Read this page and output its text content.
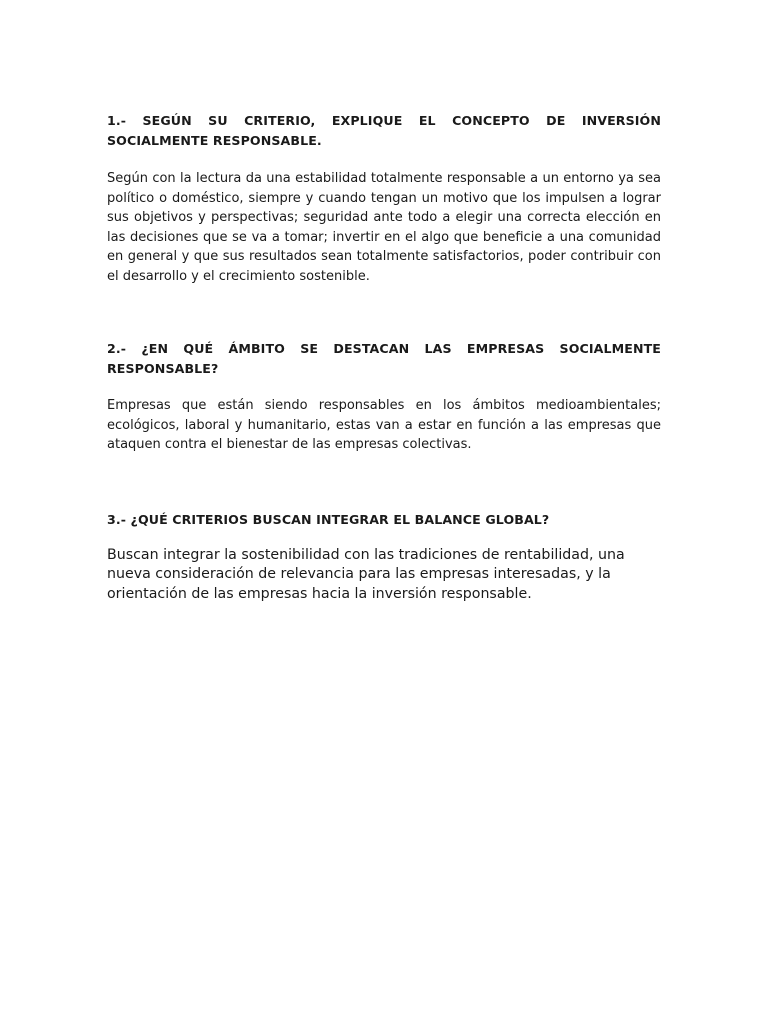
1.- SEGÚN SU CRITERIO, EXPLIQUE EL CONCEPTO DE INVERSIÓN SOCIALMENTE RESPONSABLE.

Según con la lectura da una estabilidad totalmente responsable a un entorno ya sea político o doméstico, siempre y cuando tengan un motivo que los impulsen a lograr sus objetivos y perspectivas; seguridad ante todo a elegir una correcta elección en las decisiones que se va a tomar; invertir en el algo que beneficie a una comunidad en general y que sus resultados sean totalmente satisfactorios, poder contribuir con el desarrollo y el crecimiento sostenible.

2.- ¿EN QUÉ ÁMBITO SE DESTACAN LAS EMPRESAS SOCIALMENTE RESPONSABLE?

Empresas que están siendo responsables en los ámbitos medioambientales; ecológicos, laboral y humanitario, estas van a estar en función a las empresas que ataquen contra el bienestar de las empresas colectivas.

3.- ¿QUÉ CRITERIOS BUSCAN INTEGRAR EL BALANCE GLOBAL?

Buscan integrar la sostenibilidad con las tradiciones de rentabilidad, una nueva consideración de relevancia para las empresas interesadas, y la orientación de las empresas hacia la inversión responsable.
